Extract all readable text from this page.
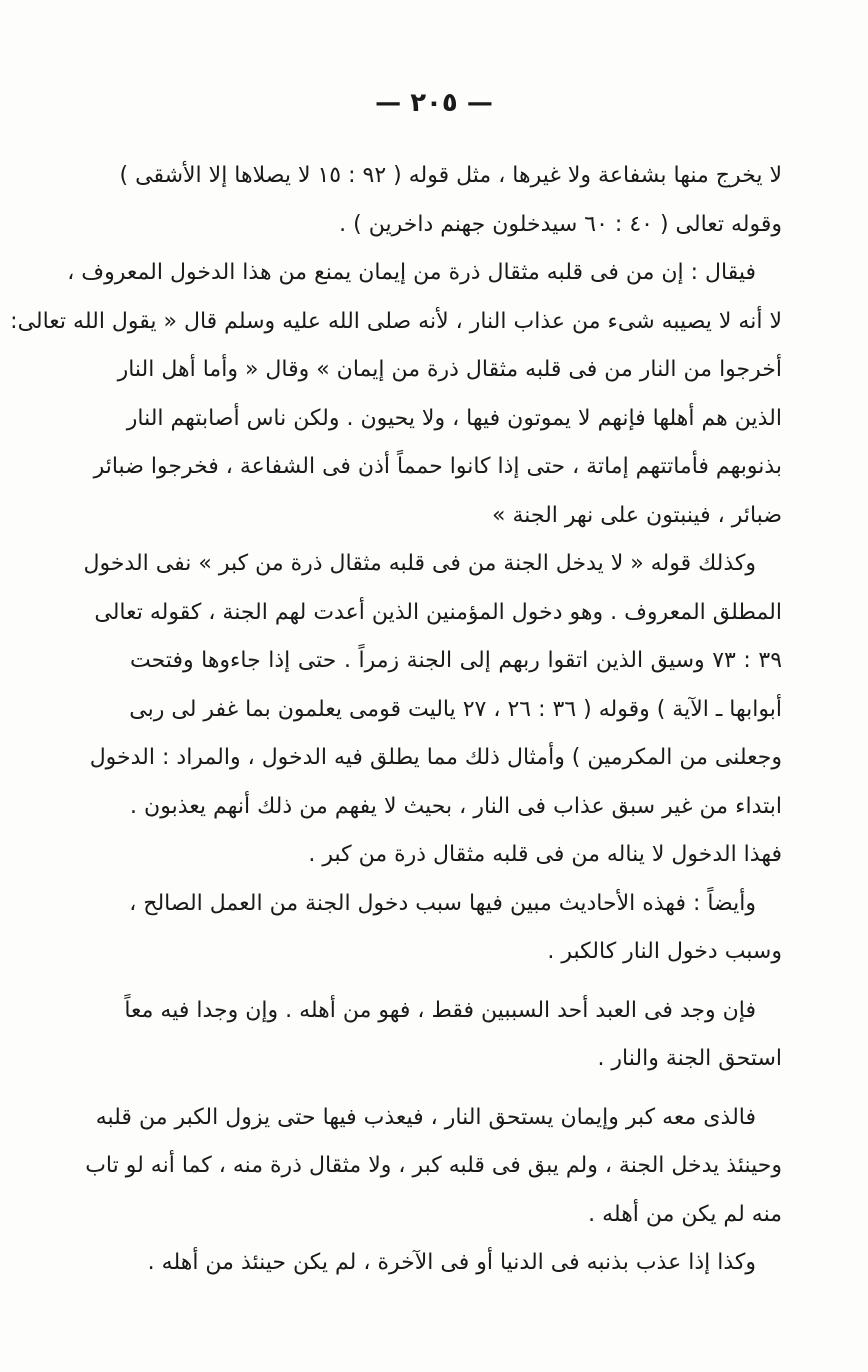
— ٢٠٥ —
لا يخرج منها بشفاعة ولا غيرها ، مثل قوله ( ٩٢ : ١٥ لا يصلاها إلا الأشقى )
وقوله تعالى ( ٤٠ : ٦٠ سيدخلون جهنم داخرين ) .
فيقال : إن من فى قلبه مثقال ذرة من إيمان يمنع من هذا الدخول المعروف ،
لا أنه لا يصيبه شىء من عذاب النار ، لأنه صلى الله عليه وسلم قال « يقول الله تعالى:
أخرجوا من النار من فى قلبه مثقال ذرة من إيمان » وقال « وأما أهل النار
الذين هم أهلها فإنهم لا يموتون فيها ، ولا يحيون . ولكن ناس أصابتهم النار
بذنوبهم فأماتتهم إماتة ، حتى إذا كانوا حمماً أذن فى الشفاعة ، فخرجوا ضبائر
ضبائر ، فينبتون على نهر الجنة »
وكذلك قوله « لا يدخل الجنة من فى قلبه مثقال ذرة من كبر » نفى الدخول
المطلق المعروف . وهو دخول المؤمنين الذين أعدت لهم الجنة ، كقوله تعالى
٣٩ : ٧٣ وسيق الذين اتقوا ربهم إلى الجنة زمراً . حتى إذا جاءوها وفتحت
أبوابها ـ الآية ) وقوله ( ٣٦ : ٢٦ ، ٢٧ ياليت قومى يعلمون بما غفر لى ربى
وجعلنى من المكرمين ) وأمثال ذلك مما يطلق فيه الدخول ، والمراد : الدخول
ابتداء من غير سبق عذاب فى النار ، بحيث لا يفهم من ذلك أنهم يعذبون .
فهذا الدخول لا يناله من فى قلبه مثقال ذرة من كبر .
وأيضاً : فهذه الأحاديث مبين فيها سبب دخول الجنة من العمل الصالح ،
وسبب دخول النار كالكبر .
فإن وجد فى العبد أحد السببين فقط ، فهو من أهله . وإن وجدا فيه معاً
استحق الجنة والنار .
فالذى معه كبر وإيمان يستحق النار ، فيعذب فيها حتى يزول الكبر من قلبه
وحينئذ يدخل الجنة ، ولم يبق فى قلبه كبر ، ولا مثقال ذرة منه ، كما أنه لو تاب
منه لم يكن من أهله .
وكذا إذا عذب بذنبه فى الدنيا أو فى الآخرة ، لم يكن حينئذ من أهله .
